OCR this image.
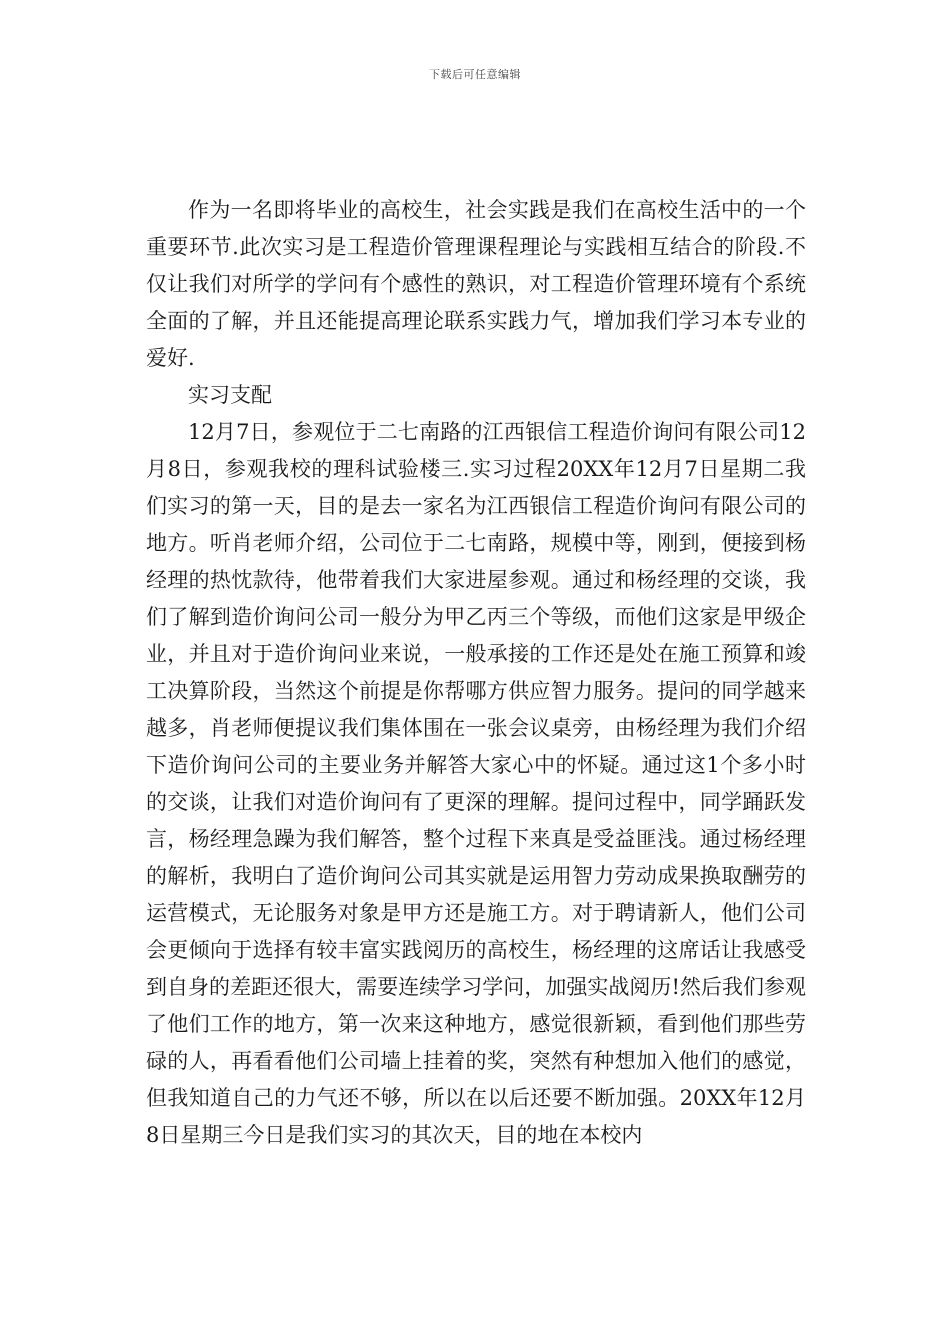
下载后可任意编辑

作为一名即将毕业的高校生，社会实践是我们在高校生活中的一个重要环节.此次实习是工程造价管理课程理论与实践相互结合的阶段.不仅让我们对所学的学问有个感性的熟识，对工程造价管理环境有个系统全面的了解，并且还能提高理论联系实践力气，增加我们学习本专业的爱好.

实习支配

12月7日，参观位于二七南路的江西银信工程造价询问有限公司12月8日，参观我校的理科试验楼三.实习过程20XX年12月7日星期二我们实习的第一天，目的是去一家名为江西银信工程造价询问有限公司的地方。听肖老师介绍，公司位于二七南路，规模中等，刚到，便接到杨经理的热忱款待，他带着我们大家进屋参观。通过和杨经理的交谈，我们了解到造价询问公司一般分为甲乙丙三个等级，而他们这家是甲级企业，并且对于造价询问业来说，一般承接的工作还是处在施工预算和竣工决算阶段，当然这个前提是你帮哪方供应智力服务。提问的同学越来越多，肖老师便提议我们集体围在一张会议桌旁，由杨经理为我们介绍下造价询问公司的主要业务并解答大家心中的怀疑。通过这1个多小时的交谈，让我们对造价询问有了更深的理解。提问过程中，同学踊跃发言，杨经理急躁为我们解答，整个过程下来真是受益匪浅。通过杨经理的解析，我明白了造价询问公司其实就是运用智力劳动成果换取酬劳的运营模式，无论服务对象是甲方还是施工方。对于聘请新人，他们公司会更倾向于选择有较丰富实践阅历的高校生，杨经理的这席话让我感受到自身的差距还很大，需要连续学习学问，加强实战阅历!然后我们参观了他们工作的地方，第一次来这种地方，感觉很新颖，看到他们那些劳碌的人，再看看他们公司墙上挂着的奖，突然有种想加入他们的感觉，但我知道自己的力气还不够，所以在以后还要不断加强。20XX年12月8日星期三今日是我们实习的其次天，目的地在本校内
